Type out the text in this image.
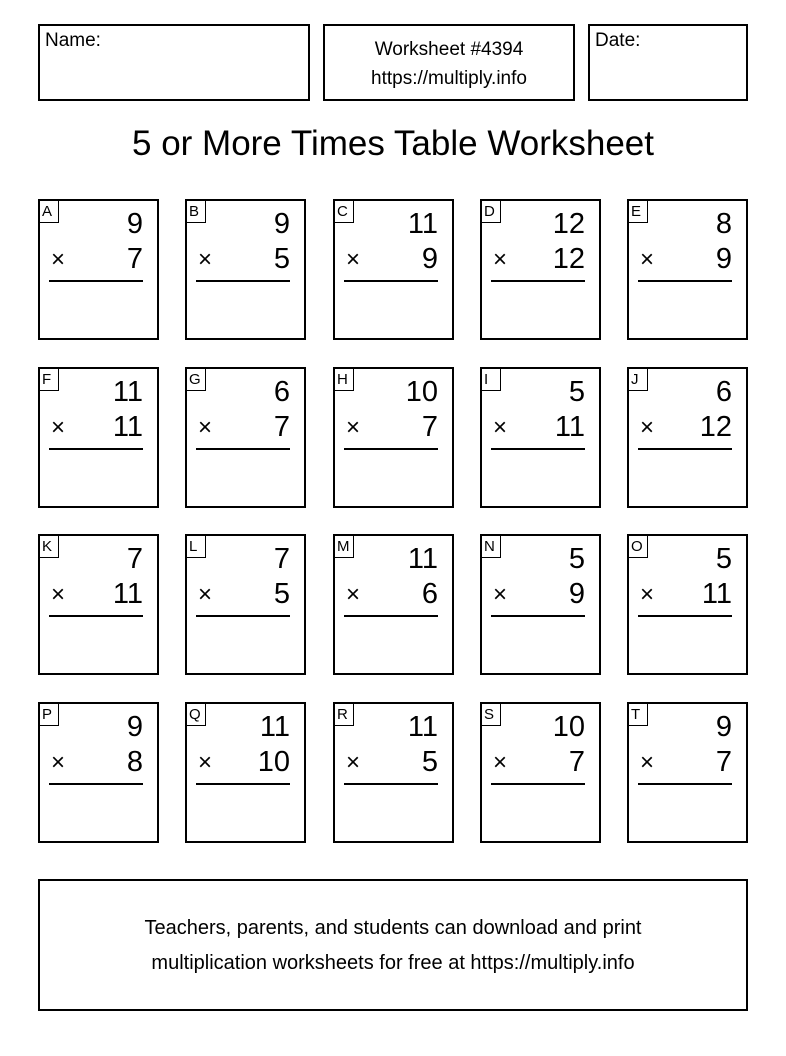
Name:	Worksheet #4394
https://multiply.info
Date:
5 or More Times Table Worksheet
A	9
× 7
B	9
× 5
C 11
× 9
D 12
× 12
E	8
× 9
F 11
× 11
G	6
× 7
H 10
× 7
I	5
× 11
J	6
× 12
K	7
× 11
L	7
× 5
M 11
× 6
N	5
× 9
O	5
× 11
P	9
× 8
Q 11
× 10
R 11
× 5
S 10
× 7
T	9
× 7
Teachers, parents, and students can download and print
multiplication worksheets for free at https://multiply.info
